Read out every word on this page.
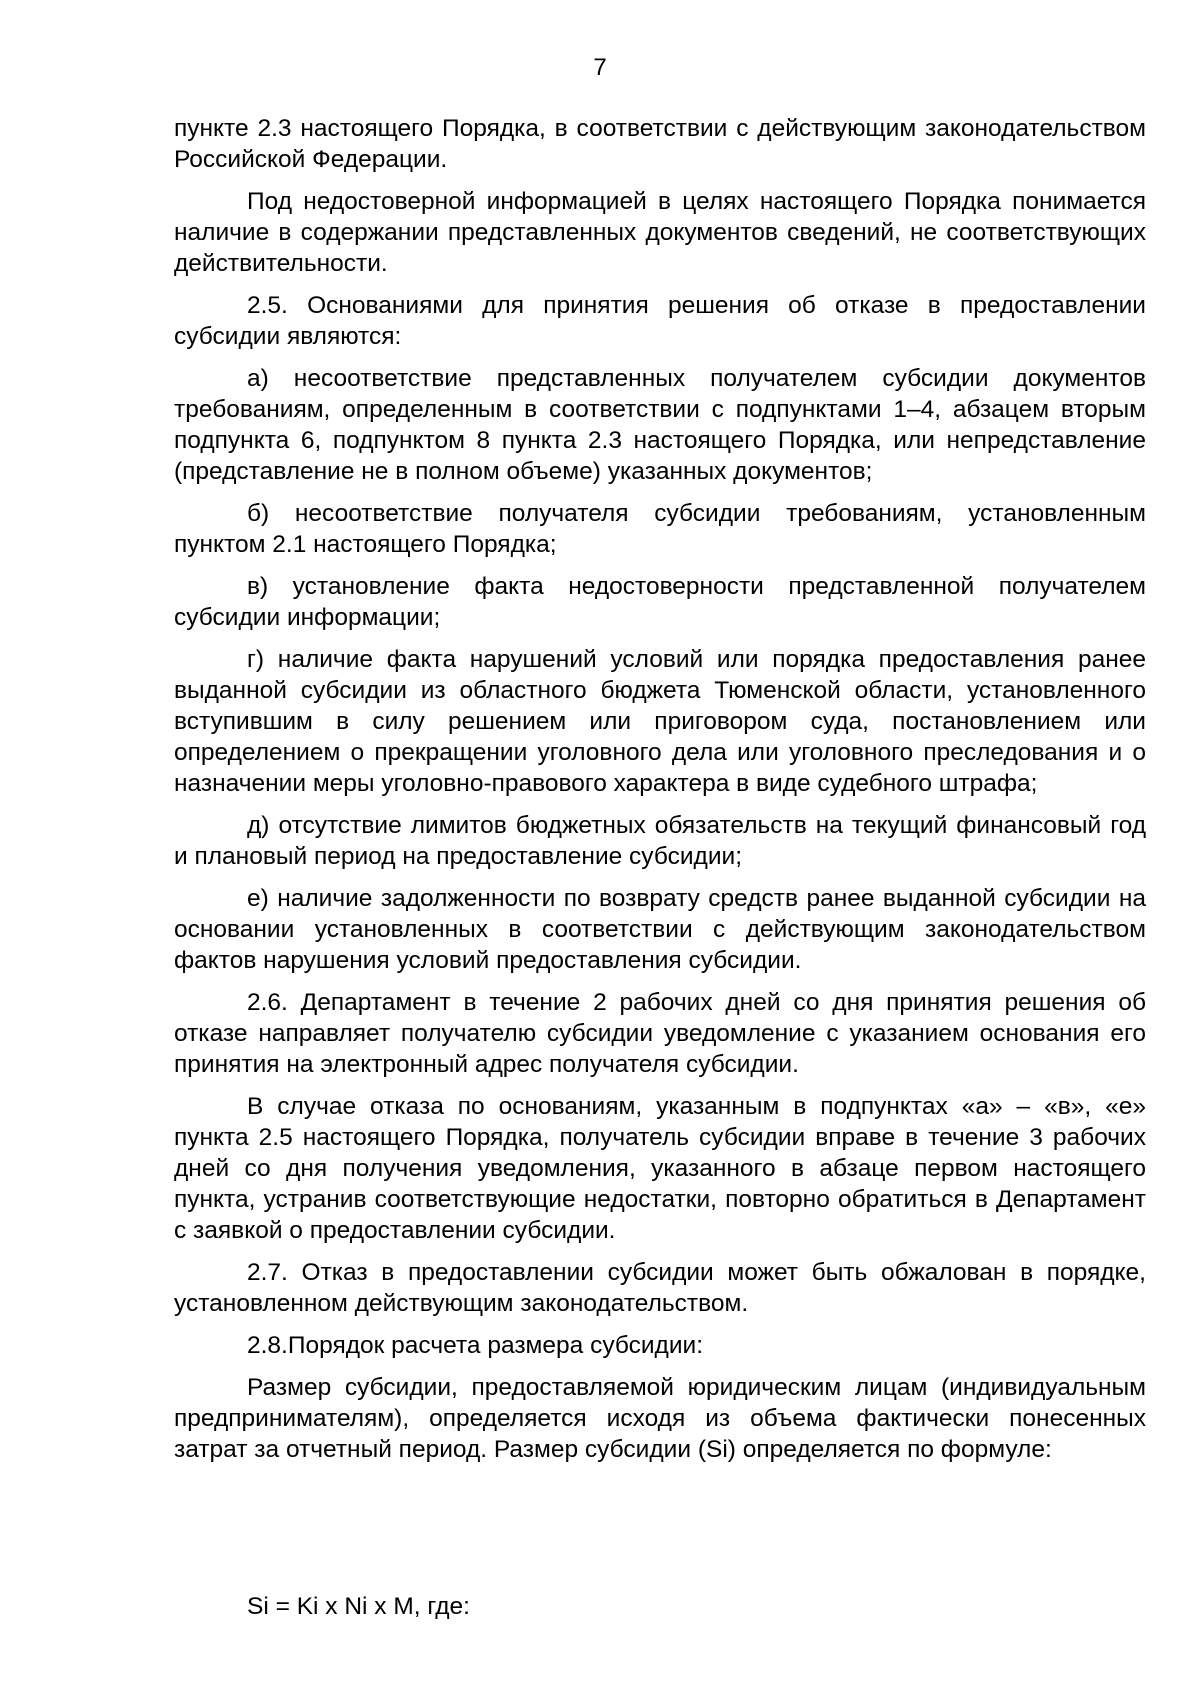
7

пункте 2.3 настоящего Порядка, в соответствии с действующим законодательством Российской Федерации.

Под недостоверной информацией в целях настоящего Порядка понимается наличие в содержании представленных документов сведений, не соответствующих действительности.

2.5. Основаниями для принятия решения об отказе в предоставлении субсидии являются:

а) несоответствие представленных получателем субсидии документов требованиям, определенным в соответствии с подпунктами 1–4, абзацем вторым подпункта 6, подпунктом 8 пункта 2.3 настоящего Порядка, или непредставление (представление не в полном объеме) указанных документов;

б) несоответствие получателя субсидии требованиям, установленным пунктом 2.1 настоящего Порядка;

в) установление факта недостоверности представленной получателем субсидии информации;

г) наличие факта нарушений условий или порядка предоставления ранее выданной субсидии из областного бюджета Тюменской области, установленного вступившим в силу решением или приговором суда, постановлением или определением о прекращении уголовного дела или уголовного преследования и о назначении меры уголовно-правового характера в виде судебного штрафа;

д) отсутствие лимитов бюджетных обязательств на текущий финансовый год и плановый период на предоставление субсидии;

е) наличие задолженности по возврату средств ранее выданной субсидии на основании установленных в соответствии с действующим законодательством фактов нарушения условий предоставления субсидии.

2.6. Департамент в течение 2 рабочих дней со дня принятия решения об отказе направляет получателю субсидии уведомление с указанием основания его принятия на электронный адрес получателя субсидии.

В случае отказа по основаниям, указанным в подпунктах «а» – «в», «е» пункта 2.5 настоящего Порядка, получатель субсидии вправе в течение 3 рабочих дней со дня получения уведомления, указанного в абзаце первом настоящего пункта, устранив соответствующие недостатки, повторно обратиться в Департамент с заявкой о предоставлении субсидии.

2.7. Отказ в предоставлении субсидии может быть обжалован в порядке, установленном действующим законодательством.

2.8.Порядок расчета размера субсидии:

Размер субсидии, предоставляемой юридическим лицам (индивидуальным предпринимателям), определяется исходя из объема фактически понесенных затрат за отчетный период. Размер субсидии (Si) определяется по формуле:

Si = Ki x Ni x M, где:
